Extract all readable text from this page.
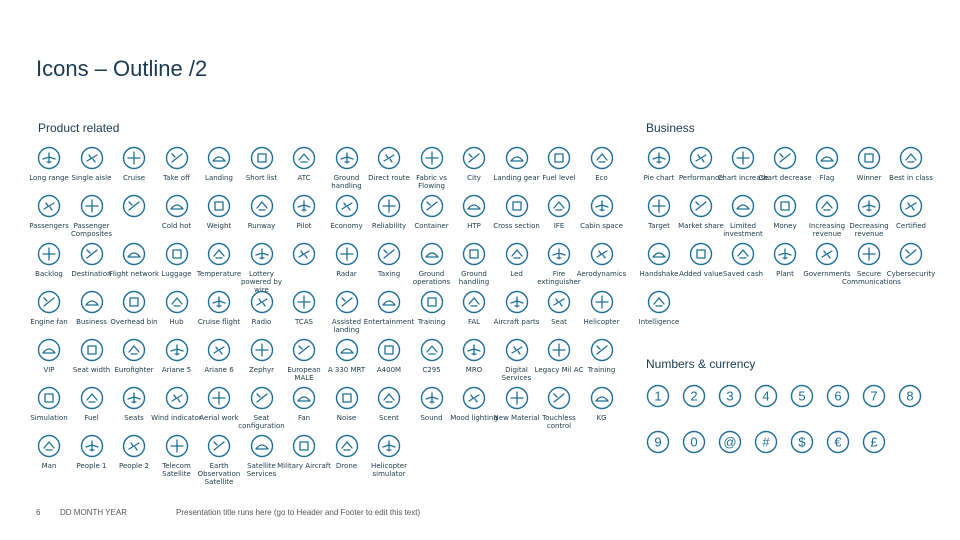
Icons – Outline /2
Product related	Business
Numbers & currency
Long range Single aisle	Cruise	Take off	Landing	Short list	ATC	Ground handling
Direct route Fabric vs Flowing
City	Landing gear Fuel level	Eco
Passengers Passenger Composites
Cold hot	Weight	Runway	Pilot	Economy	Reliability	Container	HTP	Cross section	IFE	Cabin space
Backlog	Destination
Flight network Luggage Temperature	Lottery powered by wire
Radar	Taxing	Ground operations
Ground handling
Led	Fire extinguisher
Aerodynamics
Engine fan	Business Overhead bin	Hub	Cruise flight	Radio	TCAS	Assisted landing
Entertainment Training	FAL	Aircraft parts	Seat	Helicopter
VIP	Seat width Eurofighter	Ariane 5	Ariane 6	Zephyr	European MALE
A 330 MRT	A400M	C295	MRO	Digital Services
Legacy Mil AC Training
Simulation	Fuel	Seats	Wind indicator
Aerial work	Seat configuration
Fan	Noise	Scent	Sound	Mood lighting
New Material Touchless control
KG
Man	People 1	People 2	Telecom Satellite
Earth Observation Satellite
Satellite Services
Military Aircraft Drone	Helicopter simulator
Pie chart Performance
Chart increase
Chart decrease	Flag	Winner	Best in class
Target	Market share Limited investment
Money	Increasing revenue
Decreasing revenue
Certified
Handshake Added value Saved cash	Plant	Governments Secure Communications
Cybersecurity
Intelligence
1 2 3 4 5 6 7 8
9 0 @ # $ € £
6 DD MONTH YEAR	Presentation title runs here (go to Header and Footer to edit this text)
